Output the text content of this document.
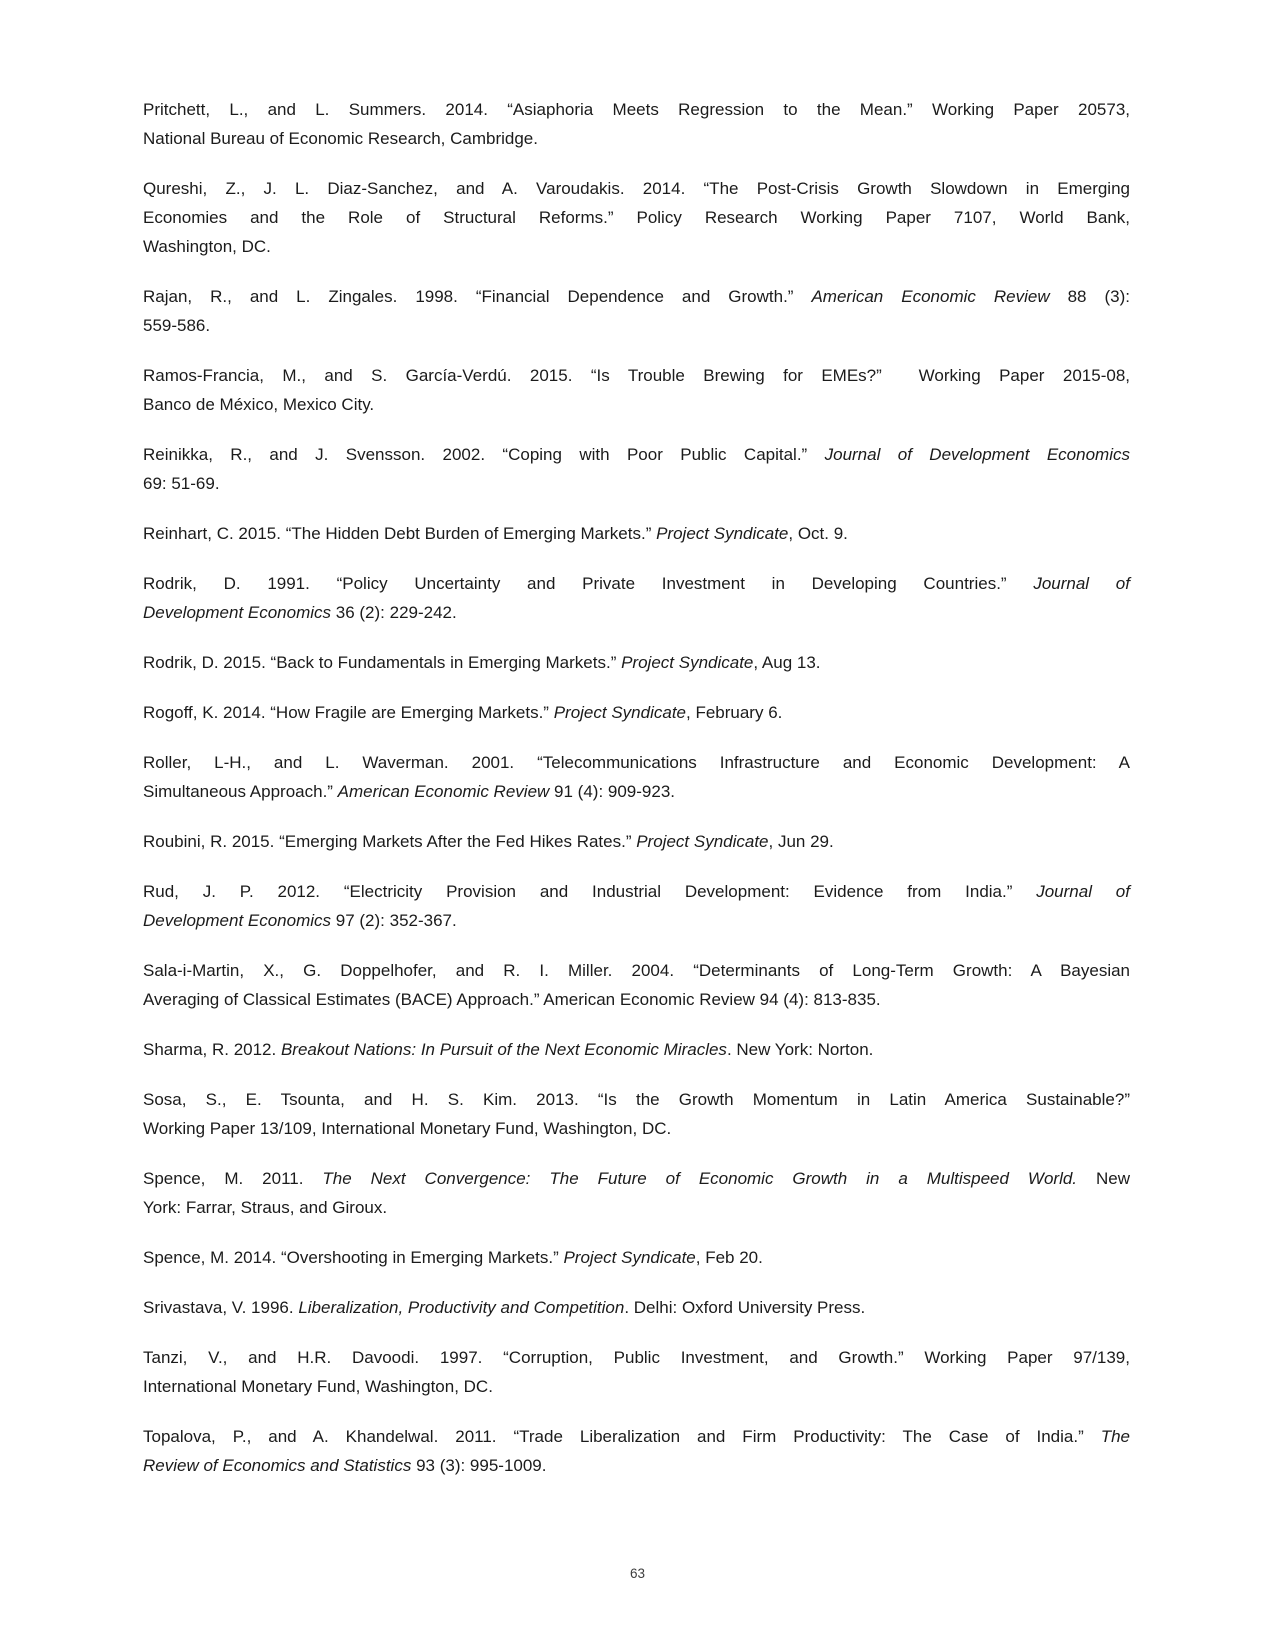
Pritchett, L., and L. Summers. 2014. “Asiaphoria Meets Regression to the Mean.” Working Paper 20573,
National Bureau of Economic Research, Cambridge.
Qureshi, Z., J. L. Diaz-Sanchez, and A. Varoudakis. 2014. “The Post-Crisis Growth Slowdown in Emerging
Economies and the Role of Structural Reforms.” Policy Research Working Paper 7107, World Bank,
Washington, DC.
Rajan, R., and L. Zingales. 1998. “Financial Dependence and Growth.” American Economic Review 88 (3):
559-586.
Ramos-Francia, M., and S. García-Verdú. 2015. “Is Trouble Brewing for EMEs?”  Working Paper 2015-08,
Banco de México, Mexico City.
Reinikka, R., and J. Svensson. 2002. “Coping with Poor Public Capital.” Journal of Development Economics
69: 51-69.
Reinhart, C. 2015. “The Hidden Debt Burden of Emerging Markets.” Project Syndicate, Oct. 9.
Rodrik, D. 1991. “Policy Uncertainty and Private Investment in Developing Countries.” Journal of
Development Economics 36 (2): 229-242.
Rodrik, D. 2015. “Back to Fundamentals in Emerging Markets.” Project Syndicate, Aug 13.
Rogoff, K. 2014. “How Fragile are Emerging Markets.” Project Syndicate, February 6.
Roller, L-H., and L. Waverman. 2001. “Telecommunications Infrastructure and Economic Development: A
Simultaneous Approach.” American Economic Review 91 (4): 909-923.
Roubini, R. 2015. “Emerging Markets After the Fed Hikes Rates.” Project Syndicate, Jun 29.
Rud, J. P. 2012. “Electricity Provision and Industrial Development: Evidence from India.” Journal of
Development Economics 97 (2): 352-367.
Sala-i-Martin, X., G. Doppelhofer, and R. I. Miller. 2004. “Determinants of Long-Term Growth: A Bayesian
Averaging of Classical Estimates (BACE) Approach.” American Economic Review 94 (4): 813-835.
Sharma, R. 2012. Breakout Nations: In Pursuit of the Next Economic Miracles. New York: Norton.
Sosa, S., E. Tsounta, and H. S. Kim. 2013. “Is the Growth Momentum in Latin America Sustainable?”
Working Paper 13/109, International Monetary Fund, Washington, DC.
Spence, M. 2011. The Next Convergence: The Future of Economic Growth in a Multispeed World. New
York: Farrar, Straus, and Giroux.
Spence, M. 2014. “Overshooting in Emerging Markets.” Project Syndicate, Feb 20.
Srivastava, V. 1996. Liberalization, Productivity and Competition. Delhi: Oxford University Press.
Tanzi, V., and H.R. Davoodi. 1997. “Corruption, Public Investment, and Growth.” Working Paper 97/139,
International Monetary Fund, Washington, DC.
Topalova, P., and A. Khandelwal. 2011. “Trade Liberalization and Firm Productivity: The Case of India.” The
Review of Economics and Statistics 93 (3): 995-1009.
63
